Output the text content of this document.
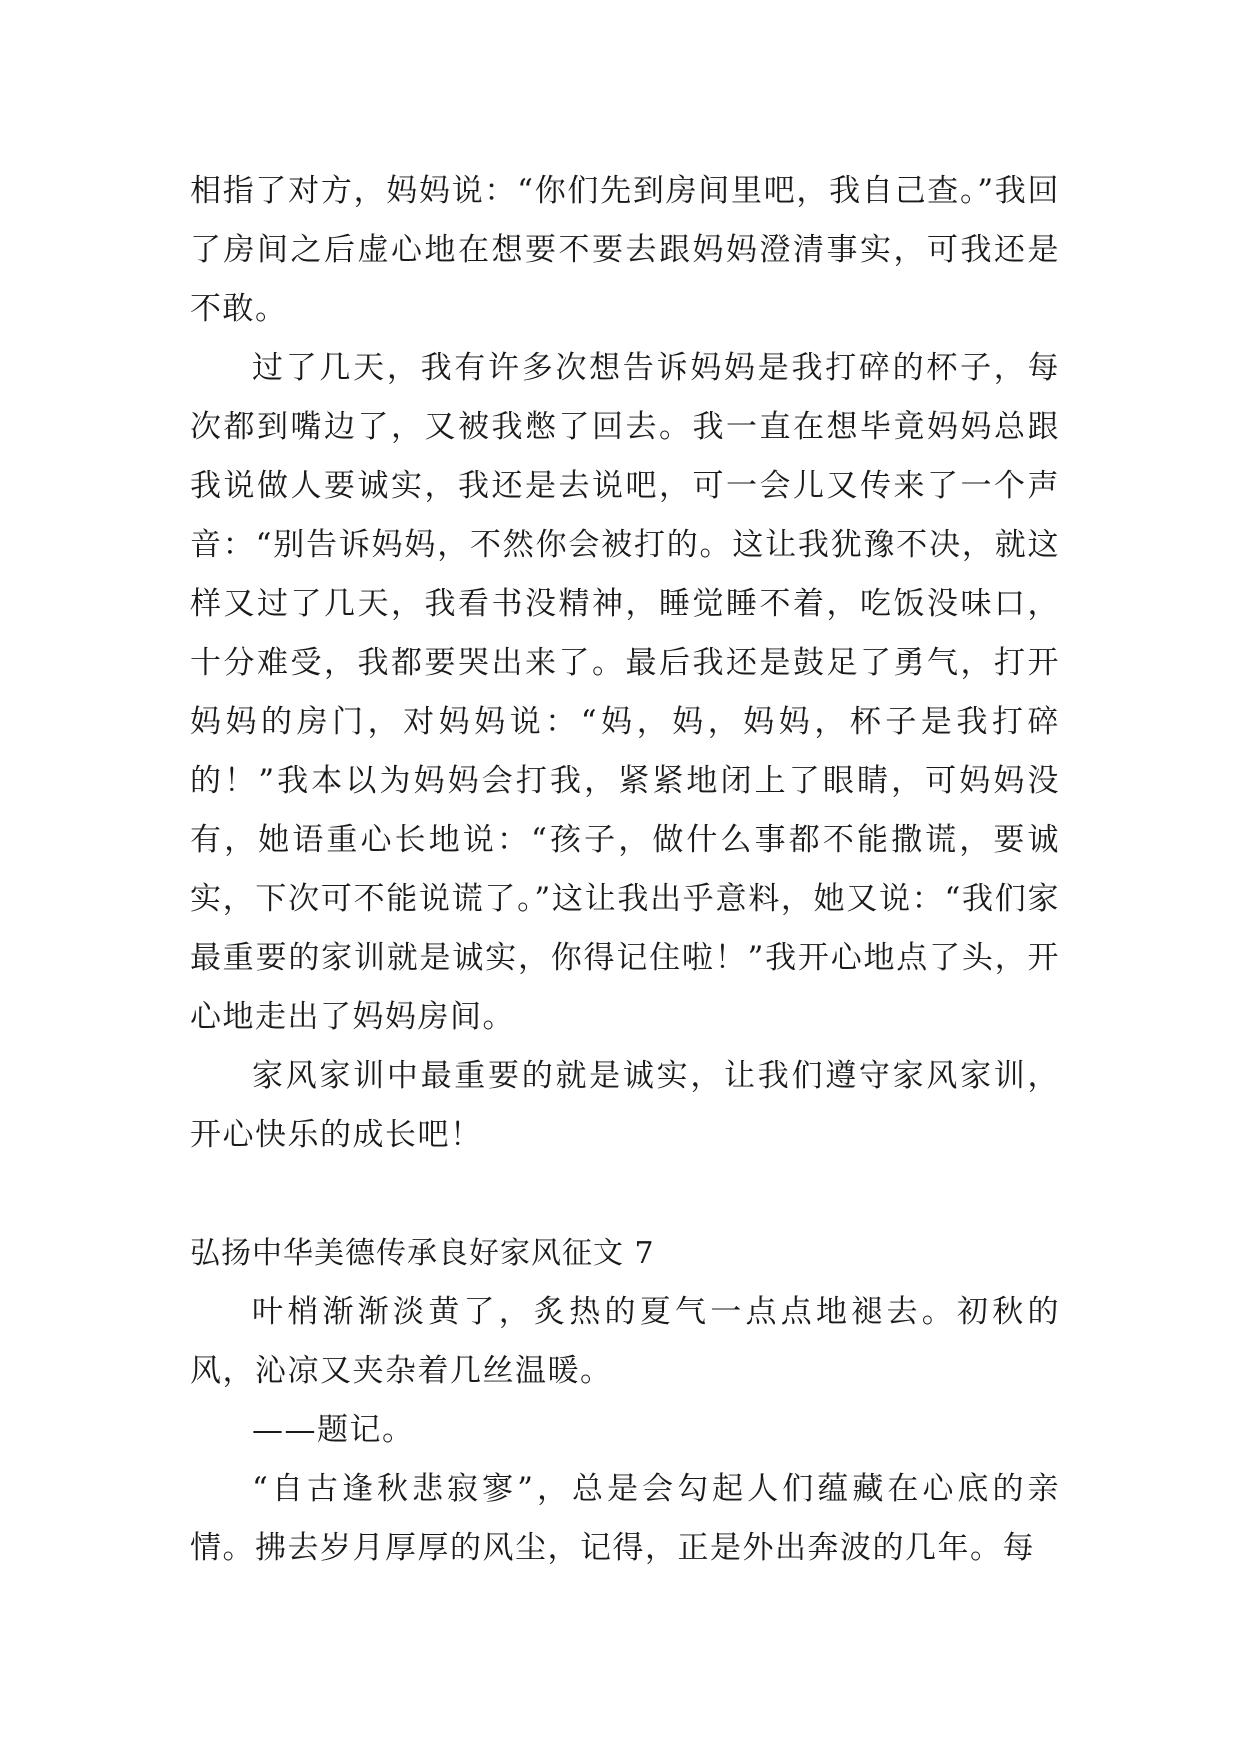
相指了对方，妈妈说：“你们先到房间里吧，我自己查。”我回了房间之后虚心地在想要不要去跟妈妈澄清事实，可我还是不敢。

过了几天，我有许多次想告诉妈妈是我打碎的杯子，每次都到嘴边了，又被我憋了回去。我一直在想毕竟妈妈总跟我说做人要诚实，我还是去说吧，可一会儿又传来了一个声音：“别告诉妈妈，不然你会被打的。这让我犹豫不决，就这样又过了几天，我看书没精神，睡觉睡不着，吃饭没味口，十分难受，我都要哭出来了。最后我还是鼓足了勇气，打开妈妈的房门，对妈妈说：“妈，妈，妈妈，杯子是我打碎的！”我本以为妈妈会打我，紧紧地闭上了眼睛，可妈妈没有，她语重心长地说：“孩子，做什么事都不能撒谎，要诚实，下次可不能说谎了。”这让我出乎意料，她又说：“我们家最重要的家训就是诚实，你得记住啦！”我开心地点了头，开心地走出了妈妈房间。

家风家训中最重要的就是诚实，让我们遵守家风家训，开心快乐的成长吧！

弘扬中华美德传承良好家风征文 7

叶梢渐渐淡黄了，炙热的夏气一点点地褪去。初秋的风，沁凉又夹杂着几丝温暖。

——题记。

“自古逢秋悲寂寥”，总是会勾起人们蕴藏在心底的亲情。拂去岁月厚厚的风尘，记得，正是外出奔波的几年。每
